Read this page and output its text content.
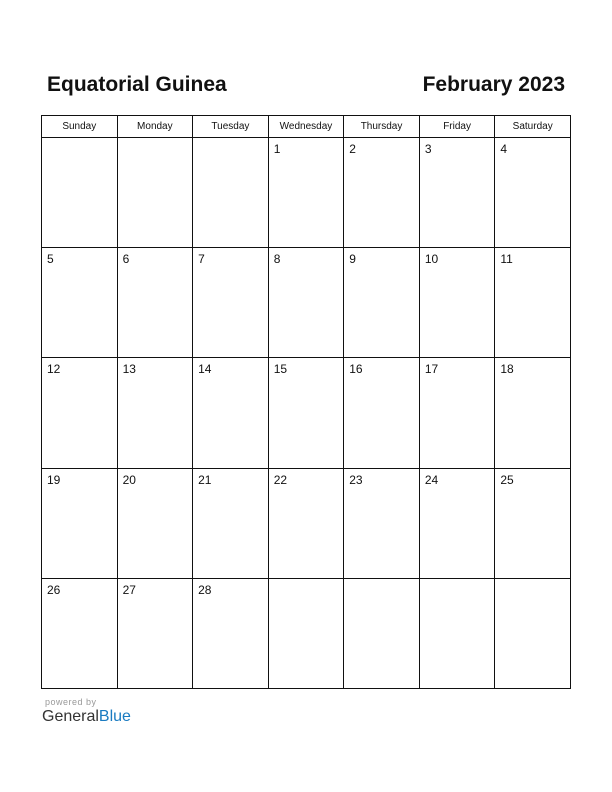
Equatorial Guinea	February 2023
Sunday	Monday	Tuesday	Wednesday	Thursday	Friday	Saturday

			1	2	3	4

5	6	7	8	9	10	11

12	13	14	15	16	17	18

19	20	21	22	23	24	25

26	27	28				

powered by
GeneralBlue
